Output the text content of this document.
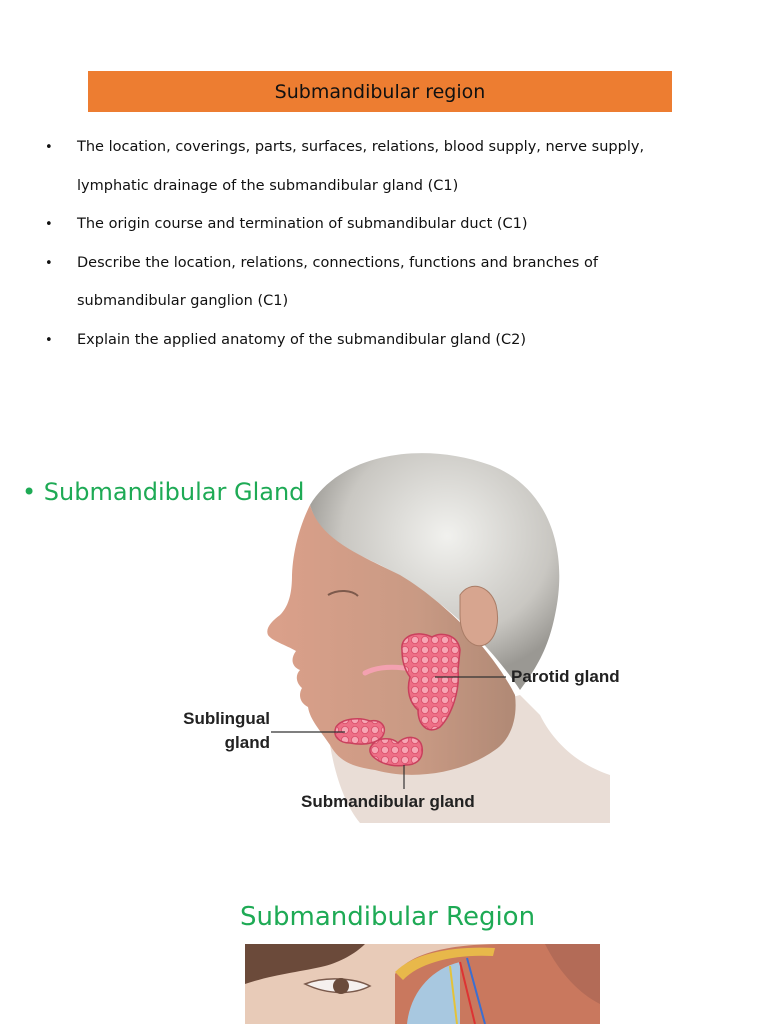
Submandibular region
• The location, coverings, parts, surfaces, relations, blood supply, nerve supply,
lymphatic drainage of the submandibular gland (C1)
• The origin course and termination of submandibular duct (C1)
• Describe the location, relations, connections, functions and branches of
submandibular ganglion (C1)
• Explain the applied anatomy of the submandibular gland (C2)
• Submandibular Gland
Parotid gland
Sublingual
gland
Submandibular gland
Submandibular Region
